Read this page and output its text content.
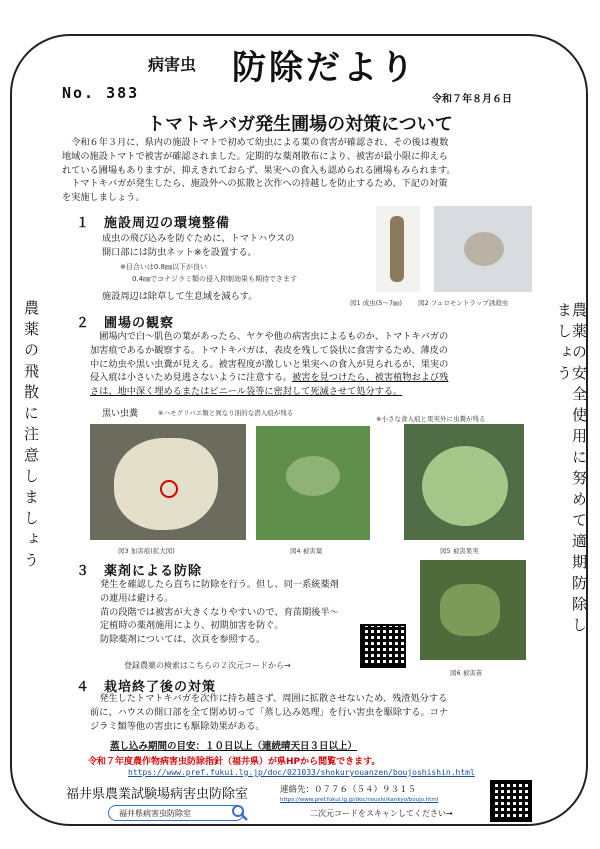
病害虫 防除だより
No. 383	令和７年８月６日
トマトキバガ発生圃場の対策について
農薬の飛散に注意しましょう	農薬の安全使用に努めて適期防除しましょう
令和６年３月に、県内の施設トマトで初めて幼虫による葉の食害が確認され、その後は複数
地域の施設トマトで被害が確認されました。定期的な薬剤散布により、被害が最小限に抑えら
れている圃場もありますが、抑えきれておらず、果実への食入も認められる圃場もみられます。
トマトキバガが発生したら、施設外への拡散と次作への持越しを防止するため、下記の対策
を実施しましょう。
１　施設周辺の環境整備
成虫の飛び込みを防ぐために、トマトハウスの
開口部には防虫ネット※を設置する。
※目合いは0.8㎜以下が良い
0.4㎜でコナジラミ類の侵入抑制効果も期待できます
施設周辺は除草して生息域を減らす。
図1 成虫(5～7㎜) 図2 フェロモントラップ誘殺虫
２　圃場の観察
圃場内で白～肌色の葉があったら、ヤケや他の病害虫によるものか、トマトキバガの
加害痕であるか観察する。トマトキバガは、表皮を残して袋状に食害するため、薄皮の
中に幼虫や黒い虫糞が見える。被害程度が激しいと果実への食入が見られるが、果実の
侵入痕は小さいため見逃さないように注意する。被害を見つけたら、被害植物および残
さは、地中深く埋めるまたはビニール袋等に密封して死滅させて処分する。
黒い虫糞	※ハモグリバエ類と異なり面的な潜入痕が残る
※小さな食入痕と果実外に虫糞が残る
図3 加害痕(拡大図)	図4 被害葉	図5 被害果実
３　薬剤による防除
発生を確認したら直ちに防除を行う。但し、同一系統薬剤
の連用は避ける。
苗の段階では被害が大きくなりやすいので、育苗期後半～
定植時の薬剤施用により、初期加害を防ぐ。
防除薬剤については、次頁を参照する。
登録農薬の検索はこちらの２次元コードから→
図6 被害苗
４　栽培終了後の対策
発生したトマトキバガを次作に持ち越さず、周囲に拡散させないため、残渣処分する
前に、ハウスの開口部を全て閉め切って「蒸し込み処理」を行い害虫を駆除する。コナ
ジラミ類等他の害虫にも駆除効果がある。
蒸し込み期間の目安：１０日以上（連続晴天日３日以上）
令和７年度農作物病害虫防除指針（福井県）が県HPから閲覧できます。
https://www.pref.fukui.lg.jp/doc/021033/shokuryouanzen/boujoshishin.html
福井県農業試験場病害虫防除室	連絡先：０７７６（５４）９３１５
https://www.pref.fukui.lg.jp/doc/noushi/kankyo/boujo.html
二次元コードをスキャンしてください→
福井県病害虫防除室
